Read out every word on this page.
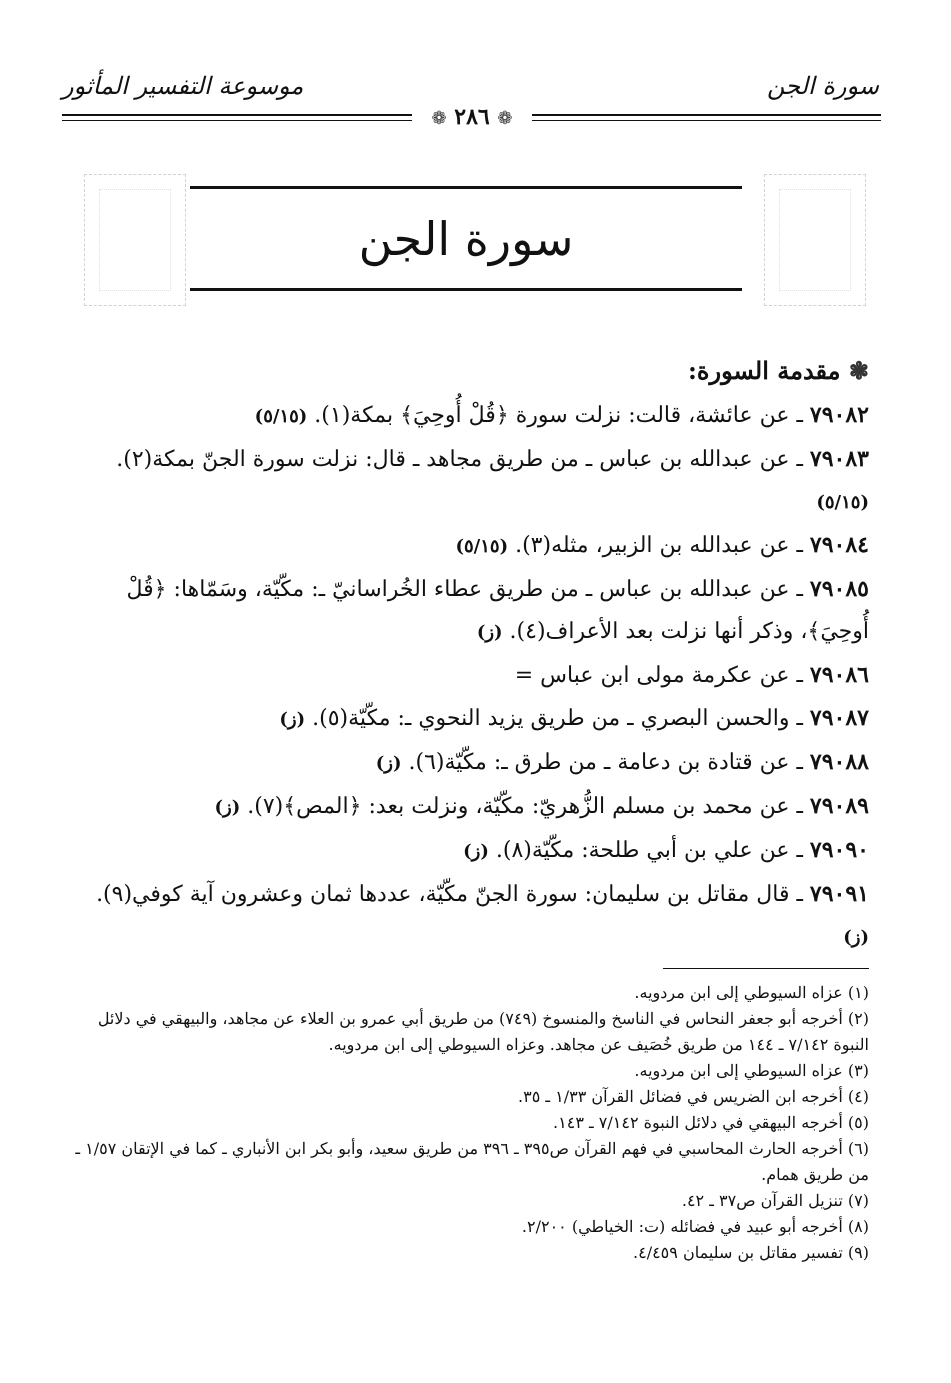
موسوعة التفسير المأثور	سورة الجن
❁ ٢٨٦ ❁
سورة الجن
❃ مقدمة السورة:

٧٩٠٨٢ ـ عن عائشة، قالت: نزلت سورة ﴿قُلْ أُوحِيَ﴾ بمكة(١). (٥/١٥)

٧٩٠٨٣ ـ عن عبدالله بن عباس ـ من طريق مجاهد ـ قال: نزلت سورة الجنّ بمكة(٢). (٥/١٥)

٧٩٠٨٤ ـ عن عبدالله بن الزبير، مثله(٣). (٥/١٥)

٧٩٠٨٥ ـ عن عبدالله بن عباس ـ من طريق عطاء الخُراسانيّ ـ: مكّيّة، وسَمّاها: ﴿قُلْ أُوحِيَ﴾، وذكر أنها نزلت بعد الأعراف(٤). (ز)

٧٩٠٨٦ ـ عن عكرمة مولى ابن عباس =

٧٩٠٨٧ ـ والحسن البصري ـ من طريق يزيد النحوي ـ: مكّيّة(٥). (ز)

٧٩٠٨٨ ـ عن قتادة بن دعامة ـ من طرق ـ: مكّيّة(٦). (ز)

٧٩٠٨٩ ـ عن محمد بن مسلم الزُّهريّ: مكّيّة، ونزلت بعد: ﴿المص﴾(٧). (ز)

٧٩٠٩٠ ـ عن علي بن أبي طلحة: مكّيّة(٨). (ز)

٧٩٠٩١ ـ قال مقاتل بن سليمان: سورة الجنّ مكّيّة، عددها ثمان وعشرون آية كوفي(٩). (ز)

(١) عزاه السيوطي إلى ابن مردويه.

(٢) أخرجه أبو جعفر النحاس في الناسخ والمنسوخ (٧٤٩) من طريق أبي عمرو بن العلاء عن مجاهد، والبيهقي في دلائل النبوة ٧/١٤٢ ـ ١٤٤ من طريق خُصَيف عن مجاهد. وعزاه السيوطي إلى ابن مردويه.

(٣) عزاه السيوطي إلى ابن مردويه.

(٤) أخرجه ابن الضريس في فضائل القرآن ١/٣٣ ـ ٣٥.

(٥) أخرجه البيهقي في دلائل النبوة ٧/١٤٢ ـ ١٤٣.

(٦) أخرجه الحارث المحاسبي في فهم القرآن ص٣٩٥ ـ ٣٩٦ من طريق سعيد، وأبو بكر ابن الأنباري ـ كما في الإتقان ١/٥٧ ـ من طريق همام.

(٧) تنزيل القرآن ص٣٧ ـ ٤٢.

(٨) أخرجه أبو عبيد في فضائله (ت: الخياطي) ٢/٢٠٠.

(٩) تفسير مقاتل بن سليمان ٤/٤٥٩.
